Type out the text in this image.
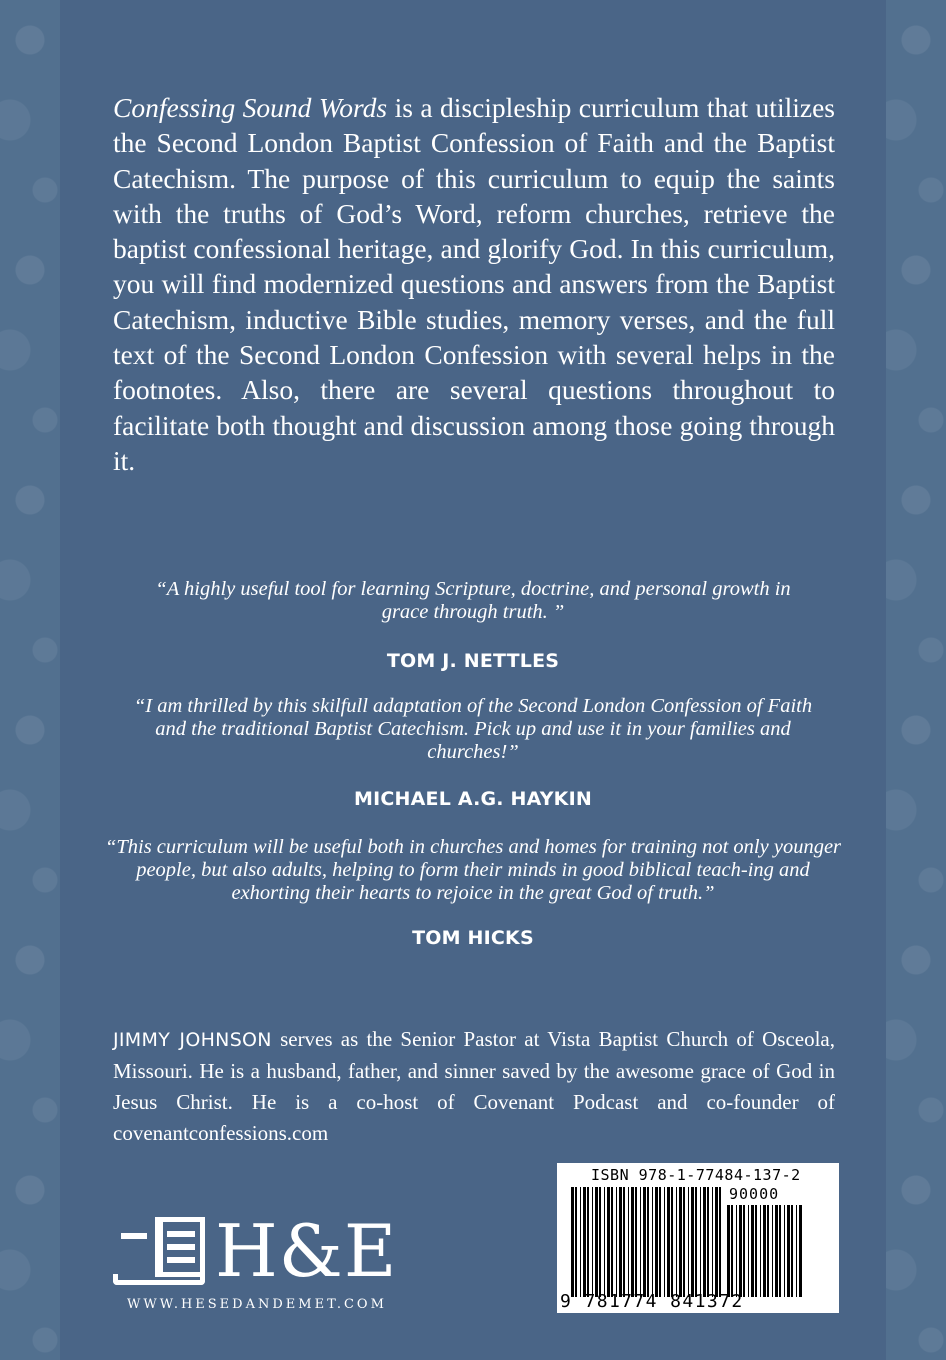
Confessing Sound Words is a discipleship curriculum that utilizes the Second London Baptist Confession of Faith and the Baptist Catechism. The purpose of this curriculum to equip the saints with the truths of God’s Word, reform churches, retrieve the baptist confessional heritage, and glorify God. In this curriculum, you will find modernized questions and answers from the Baptist Catechism, inductive Bible studies, memory verses, and the full text of the Second London Confession with several helps in the footnotes. Also, there are several questions throughout to facilitate both thought and discussion among those going through it.

“A highly useful tool for learning Scripture, doctrine, and personal growth in grace through truth. ”

TOM J. NETTLES

“I am thrilled by this skilfull adaptation of the Second London Confession of Faith and the traditional Baptist Catechism. Pick up and use it in your families and churches!”

MICHAEL A.G. HAYKIN

“This curriculum will be useful both in churches and homes for training not only younger people, but also adults, helping to form their minds in good biblical teach-ing and exhorting their hearts to rejoice in the great God of truth.”

TOM HICKS

JIMMY JOHNSON serves as the Senior Pastor at Vista Baptist Church of Osceola, Missouri. He is a husband, father, and sinner saved by the awesome grace of God in Jesus Christ. He is a co-host of Covenant Podcast and co-founder of covenantconfessions.com

H&E
WWW.HESEDANDEMET.COM
ISBN 978-1-77484-137-2
90000
9 781774 841372
